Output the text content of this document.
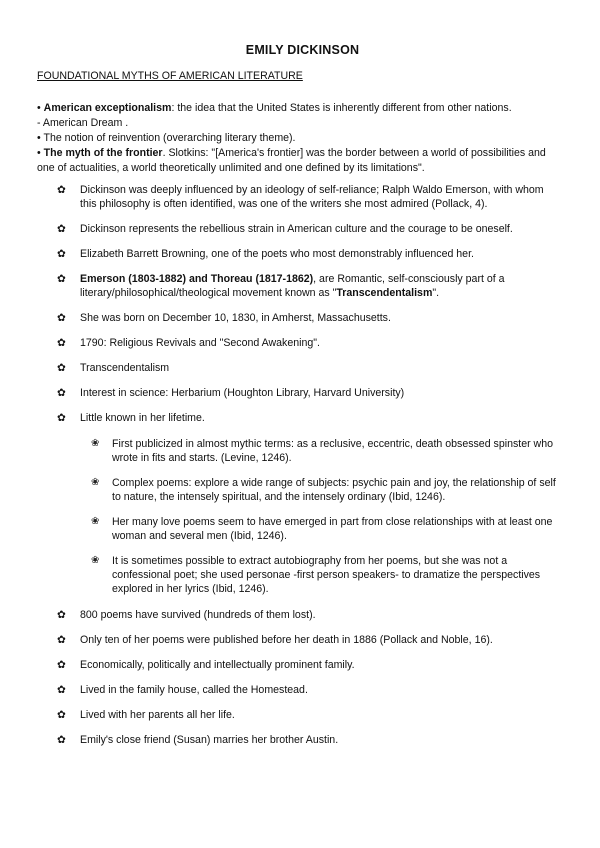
EMILY DICKINSON
FOUNDATIONAL MYTHS OF AMERICAN LITERATURE

• American exceptionalism: the idea that the United States is inherently different from other nations.

- American Dream .

• The notion of reinvention (overarching literary theme).

• The myth of the frontier. Slotkins: "[America's frontier] was the border between a world of possibilities and one of actualities, a world theoretically unlimited and one defined by its limitations".

✿ Dickinson was deeply influenced by an ideology of self-reliance; Ralph Waldo Emerson, with whom this philosophy is often identified, was one of the writers she most admired (Pollack, 4).
✿ Dickinson represents the rebellious strain in American culture and the courage to be oneself.
✿ Elizabeth Barrett Browning, one of the poets who most demonstrably influenced her.
✿ Emerson (1803-1882) and Thoreau (1817-1862), are Romantic, self-consciously part of a literary/philosophical/theological movement known as "Transcendentalism".
✿ She was born on December 10, 1830, in Amherst, Massachusetts.
✿ 1790: Religious Revivals and "Second Awakening".
✿ Transcendentalism
✿ Interest in science: Herbarium (Houghton Library, Harvard University)
✿ Little known in her lifetime.
❀ First publicized in almost mythic terms: as a reclusive, eccentric, death obsessed spinster who wrote in fits and starts. (Levine, 1246).
❀ Complex poems: explore a wide range of subjects: psychic pain and joy, the relationship of self to nature, the intensely spiritual, and the intensely ordinary (Ibid, 1246).
❀ Her many love poems seem to have emerged in part from close relationships with at least one woman and several men (Ibid, 1246).
❀ It is sometimes possible to extract autobiography from her poems, but she was not a confessional poet; she used personae -first person speakers- to dramatize the perspectives explored in her lyrics (Ibid, 1246).
✿ 800 poems have survived (hundreds of them lost).
✿ Only ten of her poems were published before her death in 1886 (Pollack and Noble, 16).
✿ Economically, politically and intellectually prominent family.
✿ Lived in the family house, called the Homestead.
✿ Lived with her parents all her life.
✿ Emily's close friend (Susan) marries her brother Austin.
